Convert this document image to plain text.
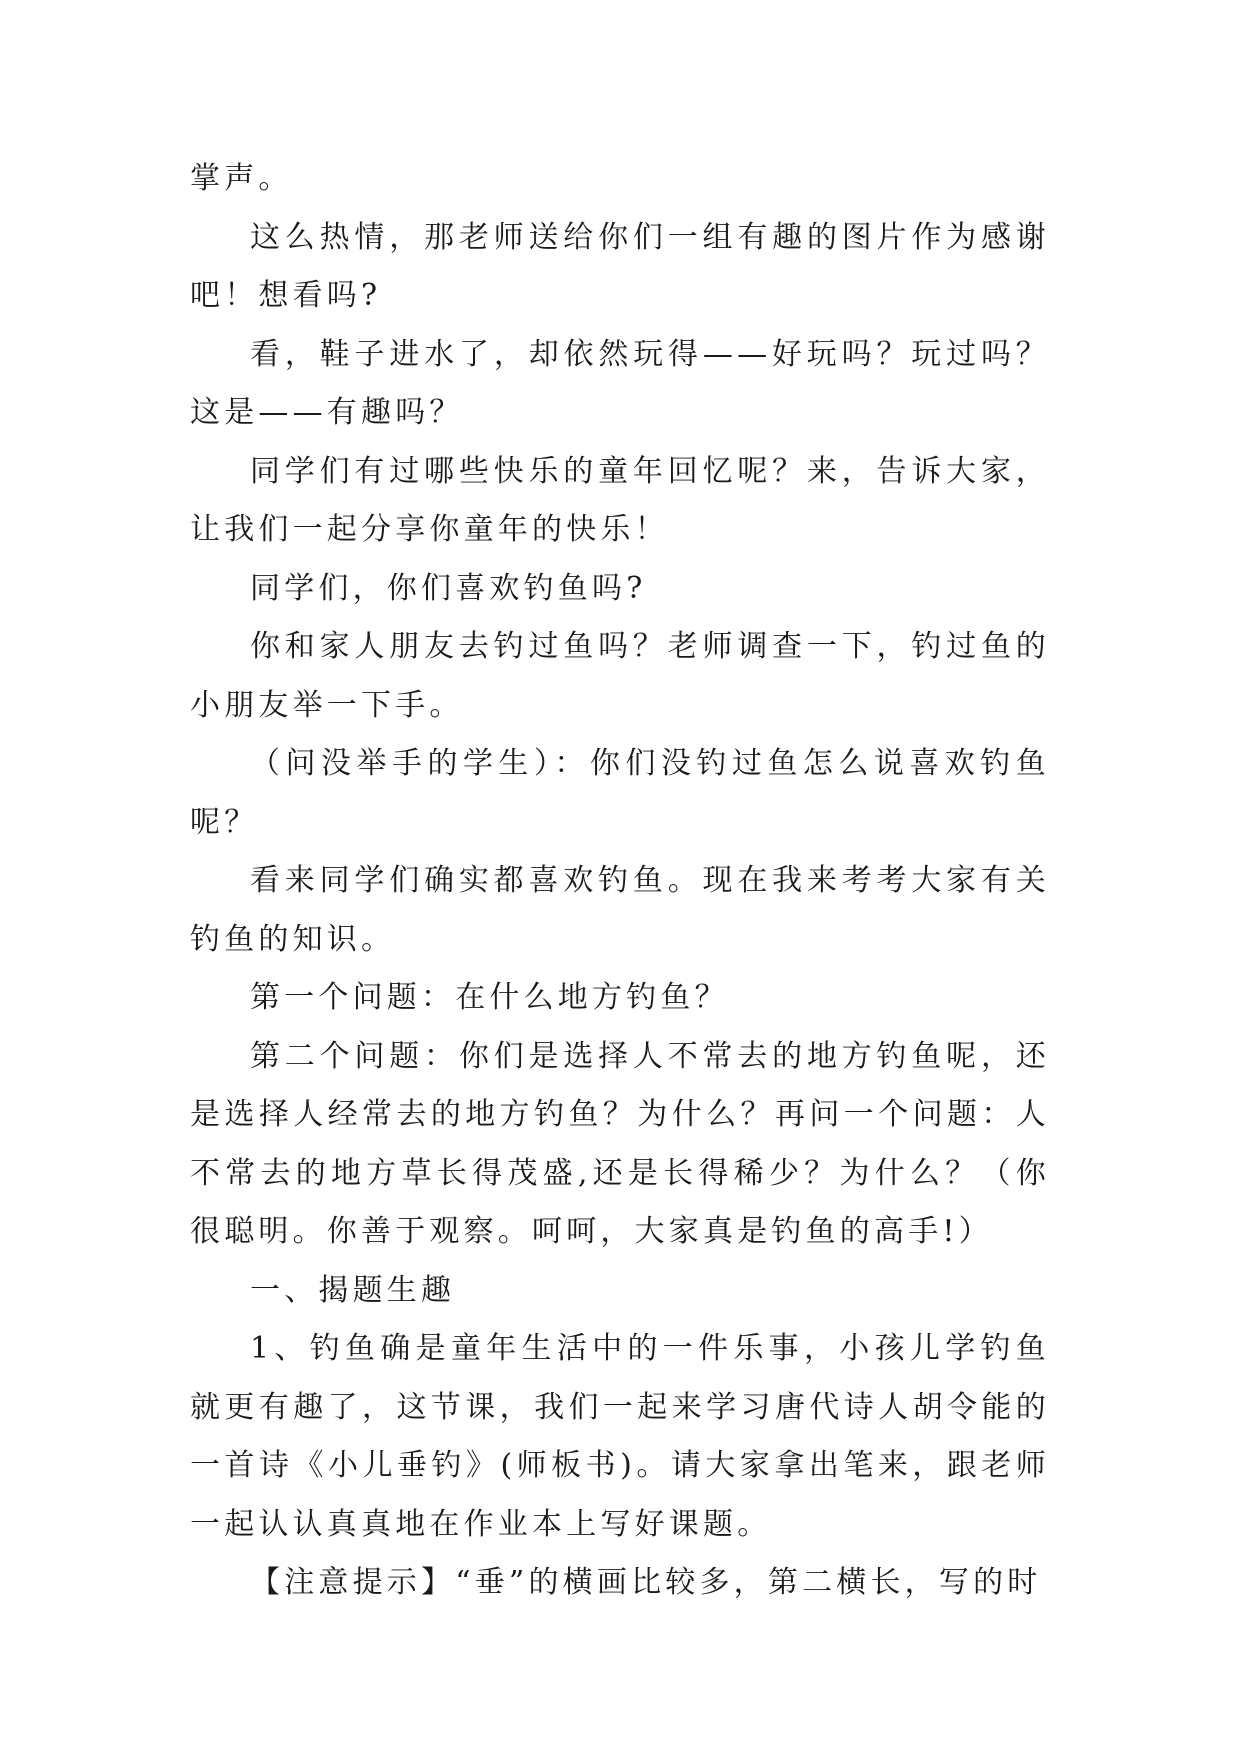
掌声。

这么热情，那老师送给你们一组有趣的图片作为感谢吧！想看吗?

看，鞋子进水了，却依然玩得——好玩吗？玩过吗？这是——有趣吗？

同学们有过哪些快乐的童年回忆呢？来，告诉大家，让我们一起分享你童年的快乐！

同学们，你们喜欢钓鱼吗?

你和家人朋友去钓过鱼吗？老师调查一下，钓过鱼的小朋友举一下手。

（问没举手的学生）：你们没钓过鱼怎么说喜欢钓鱼呢？

看来同学们确实都喜欢钓鱼。现在我来考考大家有关钓鱼的知识。

第一个问题：在什么地方钓鱼？

第二个问题：你们是选择人不常去的地方钓鱼呢，还是选择人经常去的地方钓鱼？为什么？再问一个问题：人不常去的地方草长得茂盛,还是长得稀少？为什么？（你很聪明。你善于观察。呵呵，大家真是钓鱼的高手!）

一、揭题生趣

1、钓鱼确是童年生活中的一件乐事，小孩儿学钓鱼就更有趣了，这节课，我们一起来学习唐代诗人胡令能的一首诗《小儿垂钓》(师板书)。请大家拿出笔来，跟老师一起认认真真地在作业本上写好课题。

【注意提示】“垂”的横画比较多，第二横长，写的时
